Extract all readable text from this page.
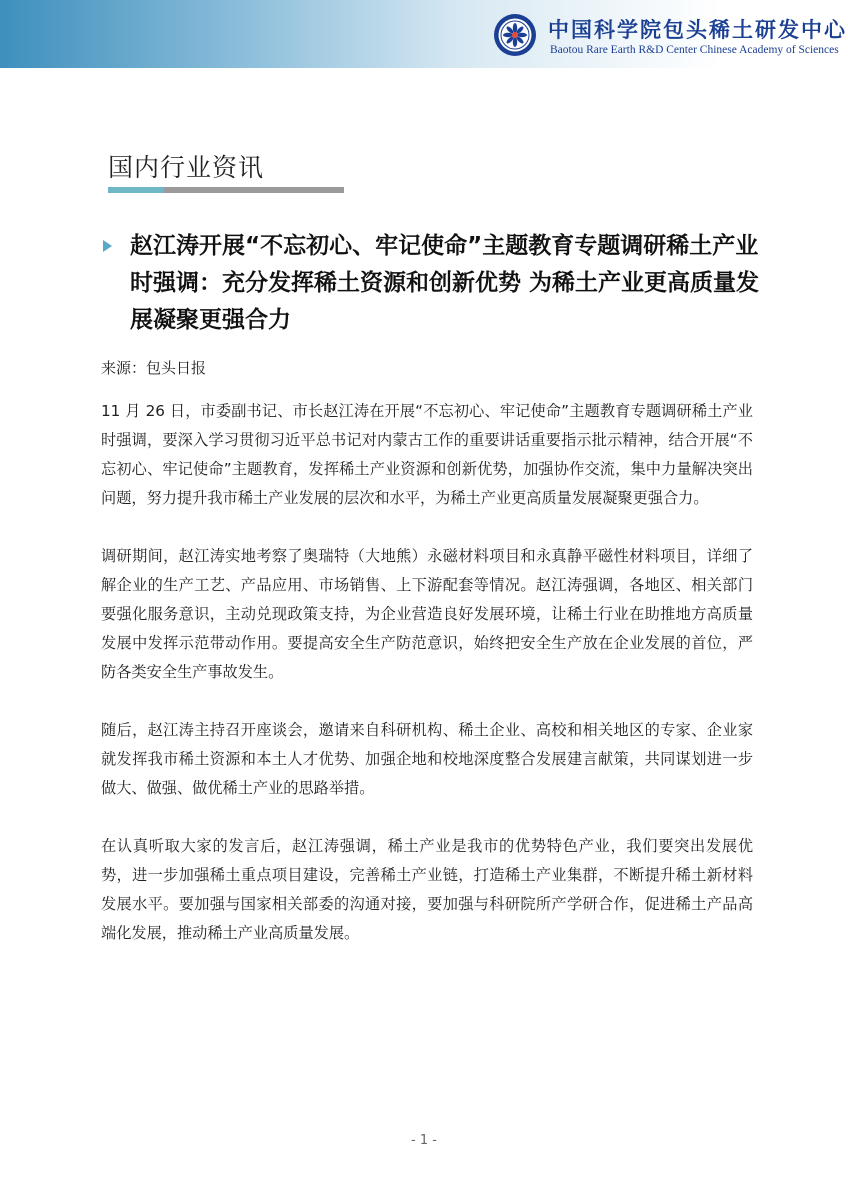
中国科学院包头稀土研发中心
Baotou Rare Earth R&D Center Chinese Academy of Sciences
国内行业资讯
赵江涛开展“不忘初心、牢记使命”主题教育专题调研稀土产业时强调：充分发挥稀土资源和创新优势 为稀土产业更高质量发展凝聚更强合力
来源：包头日报

11 月 26 日，市委副书记、市长赵江涛在开展“不忘初心、牢记使命”主题教育专题调研稀土产业时强调，要深入学习贯彻习近平总书记对内蒙古工作的重要讲话重要指示批示精神，结合开展“不忘初心、牢记使命”主题教育，发挥稀土产业资源和创新优势，加强协作交流，集中力量解决突出问题，努力提升我市稀土产业发展的层次和水平，为稀土产业更高质量发展凝聚更强合力。

调研期间，赵江涛实地考察了奥瑞特（大地熊）永磁材料项目和永真静平磁性材料项目，详细了解企业的生产工艺、产品应用、市场销售、上下游配套等情况。赵江涛强调，各地区、相关部门要强化服务意识，主动兑现政策支持，为企业营造良好发展环境，让稀土行业在助推地方高质量发展中发挥示范带动作用。要提高安全生产防范意识，始终把安全生产放在企业发展的首位，严防各类安全生产事故发生。

随后，赵江涛主持召开座谈会，邀请来自科研机构、稀土企业、高校和相关地区的专家、企业家就发挥我市稀土资源和本土人才优势、加强企地和校地深度整合发展建言献策，共同谋划进一步做大、做强、做优稀土产业的思路举措。

在认真听取大家的发言后，赵江涛强调，稀土产业是我市的优势特色产业，我们要突出发展优势，进一步加强稀土重点项目建设，完善稀土产业链，打造稀土产业集群，不断提升稀土新材料发展水平。要加强与国家相关部委的沟通对接，要加强与科研院所产学研合作，促进稀土产品高端化发展，推动稀土产业高质量发展。

- 1 -
